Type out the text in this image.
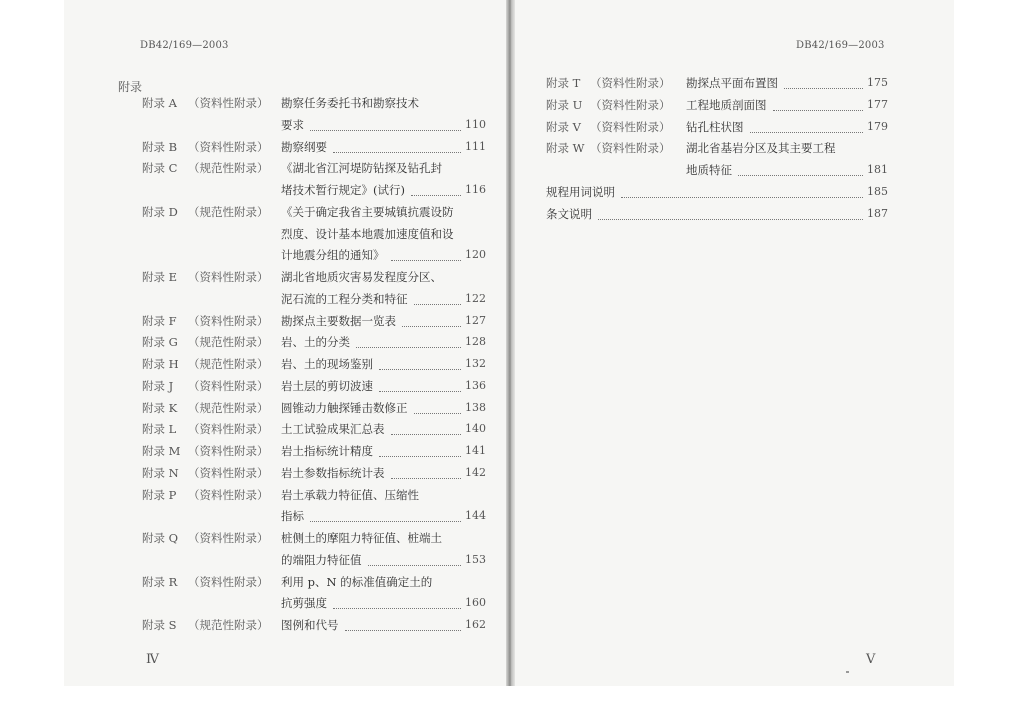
DB42/169—2003	DB42/169—2003
附录
附录 A （资料性附录） 勘察任务委托书和勘察技术
要求	110
附录 B （资料性附录） 勘察纲要	111
附录 C （规范性附录） 《湖北省江河堤防钻探及钻孔封
堵技术暂行规定》(试行)	116
附录 D （规范性附录） 《关于确定我省主要城镇抗震设防
烈度、设计基本地震加速度值和设
计地震分组的通知》	120
附录 E （资料性附录） 湖北省地质灾害易发程度分区、
泥石流的工程分类和特征	122
附录 F （资料性附录） 勘探点主要数据一览表	127
附录 G （规范性附录） 岩、土的分类	128
附录 H （规范性附录） 岩、土的现场鉴别	132
附录 J （资料性附录） 岩土层的剪切波速	136
附录 K （规范性附录） 圆锥动力触探锤击数修正	138
附录 L （资料性附录） 土工试验成果汇总表	140
附录 M （资料性附录） 岩土指标统计精度	141
附录 N （资料性附录） 岩土参数指标统计表	142
附录 P （资料性附录） 岩土承载力特征值、压缩性
指标	144
附录 Q （资料性附录） 桩侧土的摩阻力特征值、桩端土
的端阻力特征值	153
附录 R （资料性附录） 利用 p、N 的标准值确定土的
抗剪强度	160
附录 S （规范性附录） 图例和代号	162
附录 T （资料性附录） 勘探点平面布置图	175
附录 U （资料性附录） 工程地质剖面图	177
附录 V （资料性附录） 钻孔柱状图	179
附录 W （资料性附录） 湖北省基岩分区及其主要工程
地质特征	181
规程用词说明	185
条文说明	187
Ⅳ	V
